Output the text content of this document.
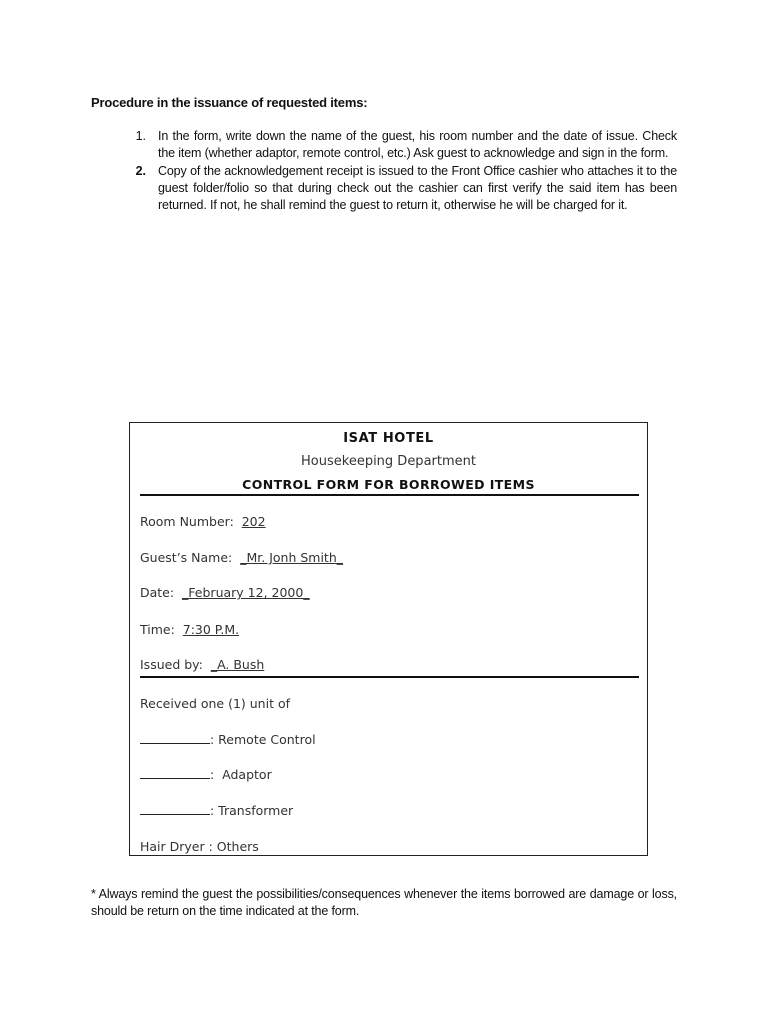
Procedure in the issuance of requested items:
1. In the form, write down the name of the guest, his room number and the date of issue. Check the item (whether adaptor, remote control, etc.) Ask guest to acknowledge and sign in the form.
2. Copy of the acknowledgement receipt is issued to the Front Office cashier who attaches it to the guest folder/folio so that during check out the cashier can first verify the said item has been returned. If not, he shall remind the guest to return it, otherwise he will be charged for it.
ISAT HOTEL
Housekeeping Department
CONTROL FORM FOR BORROWED ITEMS
Room Number:  202
Guest’s Name:  _Mr. Jonh Smith_
Date:  _February 12, 2000_
Time:  7:30 P.M.
Issued by:  _A. Bush
Received one (1) unit of
: Remote Control
:  Adaptor
: Transformer
Hair Dryer : Others
* Always remind the guest the possibilities/consequences whenever the items borrowed are damage or loss, should be return on the time indicated at the form.
